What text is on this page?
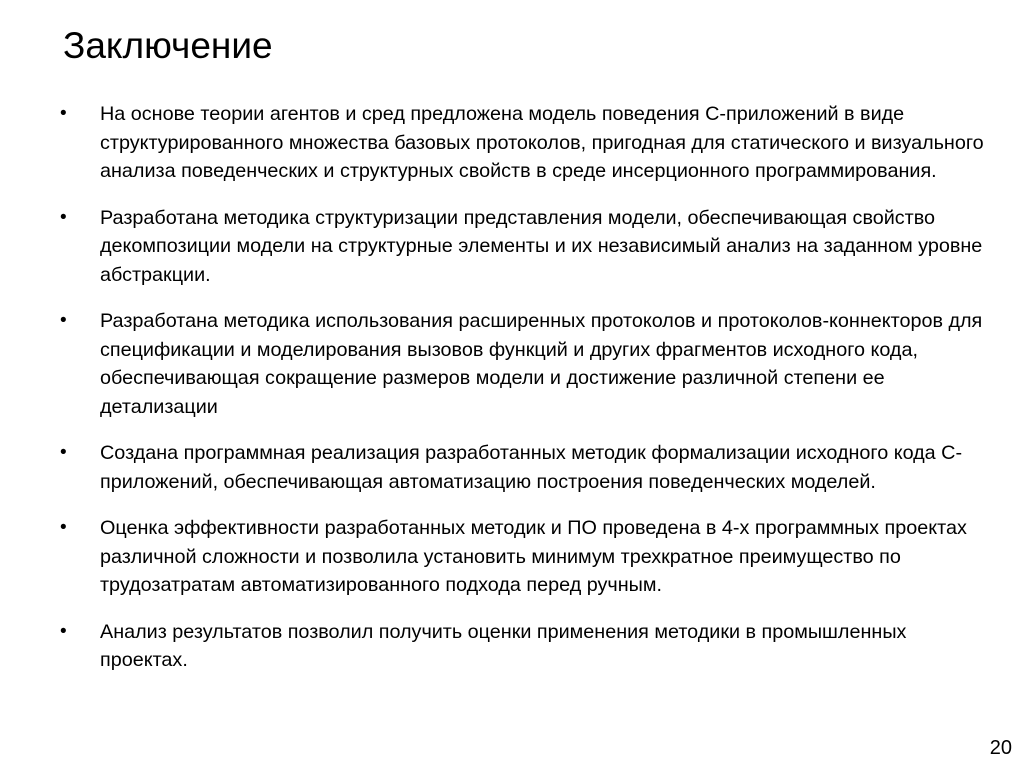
Заключение
• На основе теории агентов и сред предложена модель поведения С-приложений в виде структурированного множества базовых протоколов, пригодная для статического и визуального анализа поведенческих и структурных свойств в среде инсерционного программирования.
• Разработана методика структуризации представления модели, обеспечивающая свойство декомпозиции модели на структурные элементы и их независимый анализ на заданном уровне абстракции.
• Разработана методика использования расширенных протоколов и протоколов-коннекторов для спецификации и моделирования вызовов функций и других фрагментов исходного кода, обеспечивающая сокращение размеров модели и достижение различной степени ее детализации
• Создана программная реализация разработанных методик формализации исходного кода С-приложений, обеспечивающая автоматизацию построения поведенческих моделей.
• Оценка эффективности разработанных методик и ПО проведена в 4-х программных проектах различной сложности и позволила установить минимум трехкратное преимущество по трудозатратам автоматизированного подхода перед ручным.
• Анализ результатов позволил получить оценки применения методики в промышленных проектах.
20
